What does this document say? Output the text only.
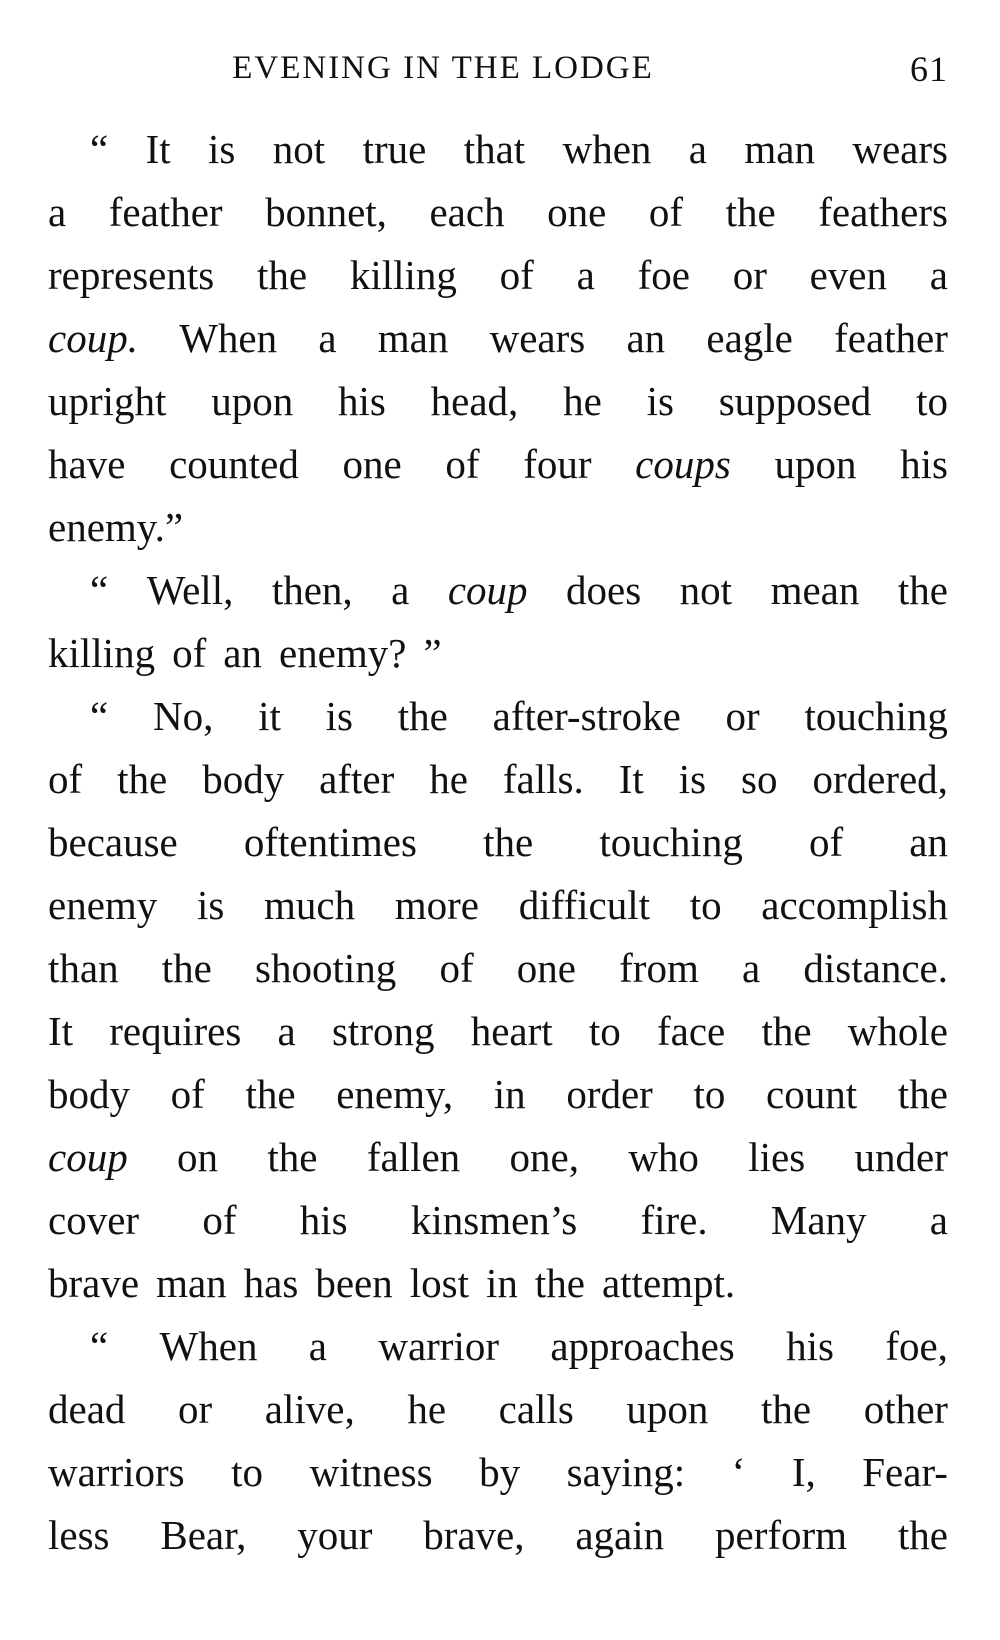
EVENING IN THE LODGE	61
“ It is not true that when a man wears
a feather bonnet, each one of the feathers
represents the killing of a foe or even a
coup. When a man wears an eagle feather
upright upon his head, he is supposed to
have counted one of four coups upon his
enemy.”
“ Well, then, a coup does not mean the
killing of an enemy? ”
“ No, it is the after-stroke or touching
of the body after he falls. It is so ordered,
because oftentimes the touching of an
enemy is much more difficult to accomplish
than the shooting of one from a distance.
It requires a strong heart to face the whole
body of the enemy, in order to count the
coup on the fallen one, who lies under
cover of his kinsmen’s fire. Many a
brave man has been lost in the attempt.
“ When a warrior approaches his foe,
dead or alive, he calls upon the other
warriors to witness by saying: ‘ I, Fear-
less Bear, your brave, again perform the
